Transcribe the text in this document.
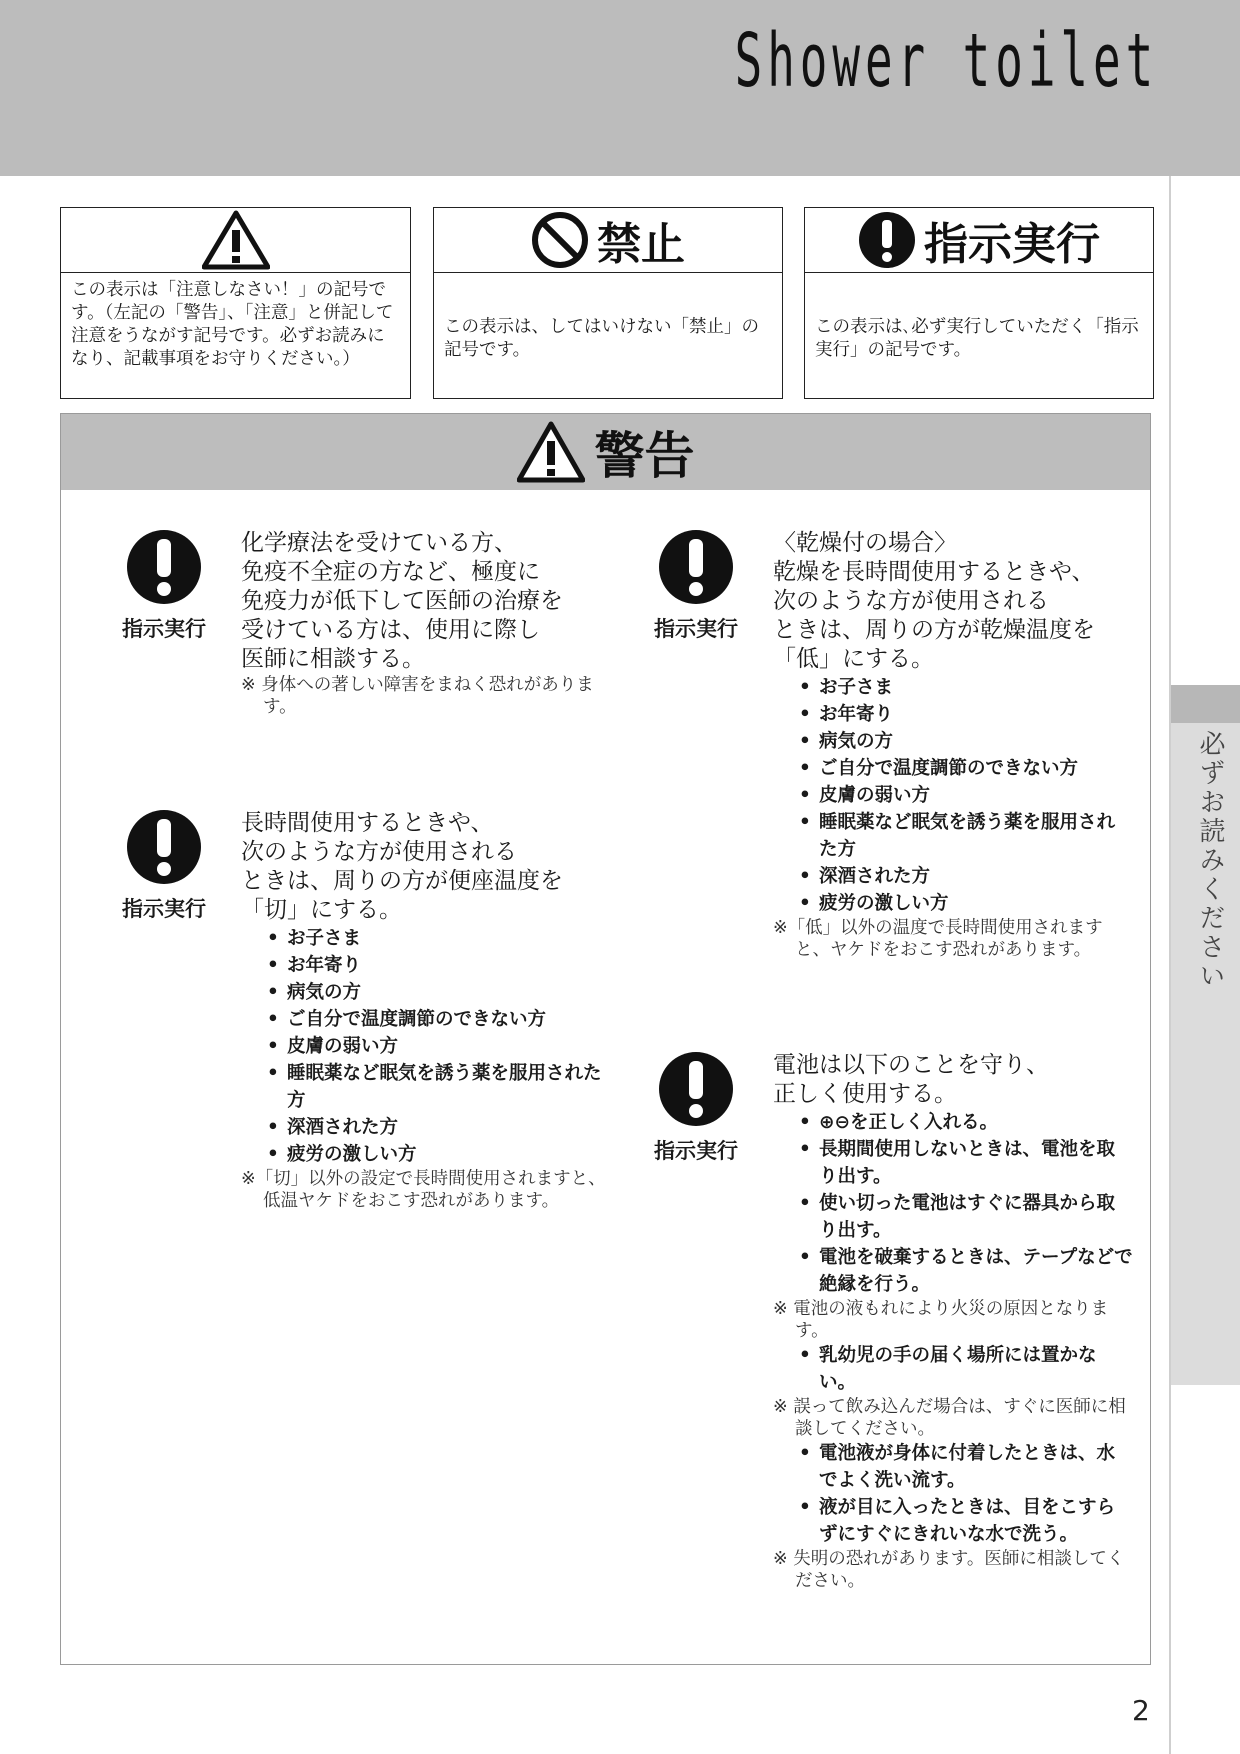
Shower toilet
必ずお読みください
この表示は「注意しなさい！」の記号です。（左記の「警告」、「注意」と併記して注意をうながす記号です。必ずお読みになり、記載事項をお守りください。）
禁止
この表示は、してはいけない「禁止」の記号です。
指示実行
この表示は､必ず実行していただく「指示実行」の記号です。
警告
指示実行

化学療法を受けている方、

免疫不全症の方など、極度に

免疫力が低下して医師の治療を

受けている方は、使用に際し

医師に相談する。

※ 身体への著しい障害をまねく恐れがあります。

指示実行

長時間使用するときや、

次のような方が使用される

ときは、周りの方が便座温度を

「切」にする。

• お子さま
• お年寄り
• 病気の方
• ご自分で温度調節のできない方
• 皮膚の弱い方
• 睡眠薬など眠気を誘う薬を服用された方
• 深酒された方
• 疲労の激しい方

※「切」以外の設定で長時間使用されますと、低温ヤケドをおこす恐れがあります。

指示実行

〈乾燥付の場合〉

乾燥を長時間使用するときや、

次のような方が使用される

ときは、周りの方が乾燥温度を

「低」にする。

• お子さま
• お年寄り
• 病気の方
• ご自分で温度調節のできない方
• 皮膚の弱い方
• 睡眠薬など眠気を誘う薬を服用された方
• 深酒された方
• 疲労の激しい方

※「低」以外の温度で長時間使用されますと、ヤケドをおこす恐れがあります。

指示実行

電池は以下のことを守り、

正しく使用する。

• ⊕⊖を正しく入れる。
• 長期間使用しないときは、電池を取り出す。
• 使い切った電池はすぐに器具から取り出す。
• 電池を破棄するときは、テープなどで絶縁を行う。

※ 電池の液もれにより火災の原因となります。

• 乳幼児の手の届く場所には置かない。

※ 誤って飲み込んだ場合は、すぐに医師に相談してください。

• 電池液が身体に付着したときは、水でよく洗い流す。
• 液が目に入ったときは、目をこすらずにすぐにきれいな水で洗う。

※ 失明の恐れがあります。医師に相談してください。

2
